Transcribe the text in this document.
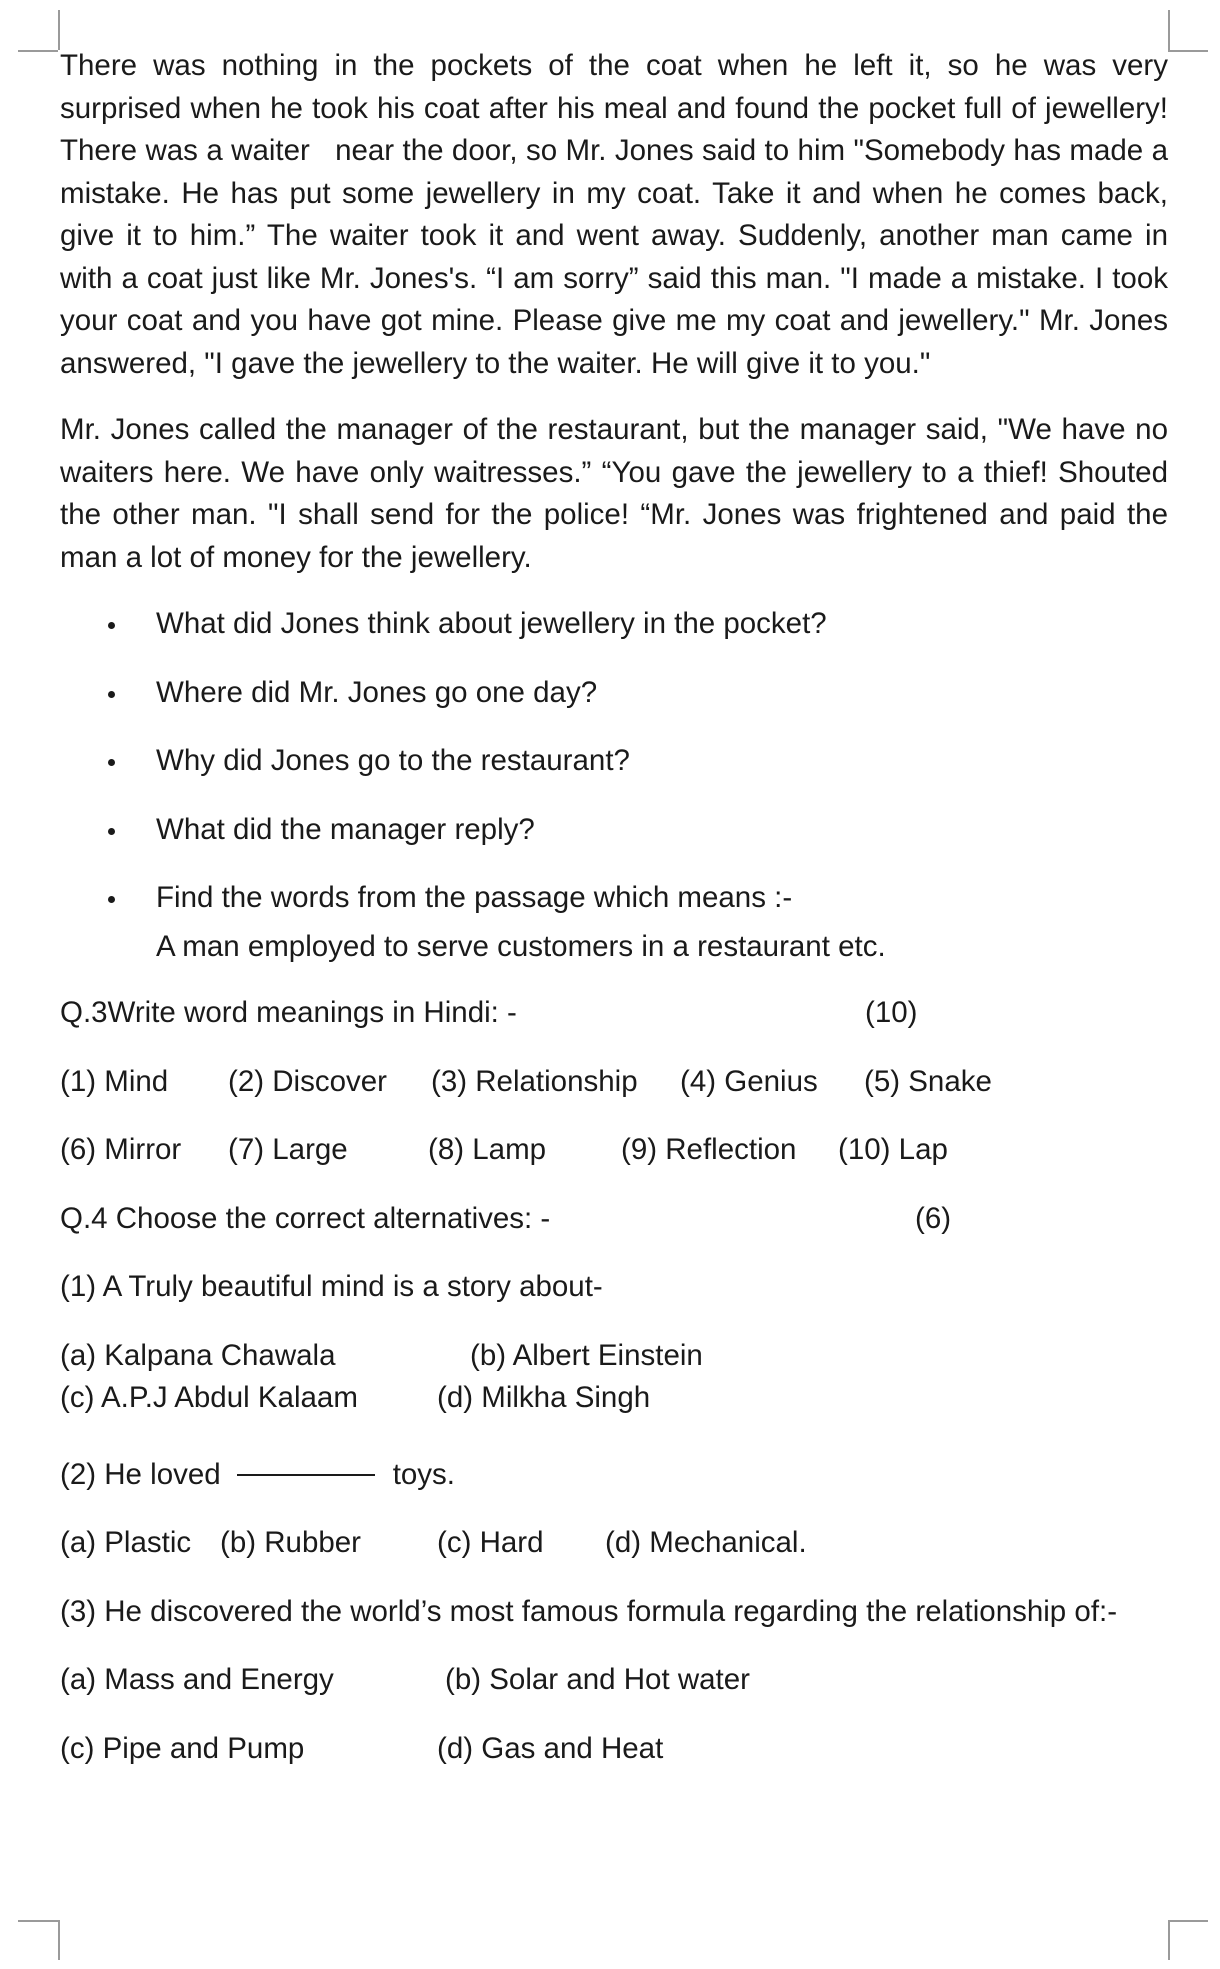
There was nothing in the pockets of the coat when he left it, so he was very surprised when he took his coat after his meal and found the pocket full of jewellery! There was a waiter   near the door, so Mr. Jones said to him "Somebody has made a mistake. He has put some jewellery in my coat. Take it and when he comes back, give it to him.” The waiter took it and went away. Suddenly, another man came in with a coat just like Mr. Jones's. “I am sorry” said this man. "I made a mistake. I took your coat and you have got mine. Please give me my coat and jewellery." Mr. Jones answered, "I gave the jewellery to the waiter. He will give it to you."

Mr. Jones called the manager of the restaurant, but the manager said, "We have no waiters here. We have only waitresses.” “You gave the jewellery to a thief! Shouted the other man. "I shall send for the police! “Mr. Jones was frightened and paid the man a lot of money for the jewellery.

What did Jones think about jewellery in the pocket?
Where did Mr. Jones go one day?
Why did Jones go to the restaurant?
What did the manager reply?
Find the words from the passage which means :-
A man employed to serve customers in a restaurant etc.
Q.3Write word meanings in Hindi: -	(10)
(1) Mind	(2) Discover	(3) Relationship	(4) Genius	(5) Snake
(6) Mirror	(7) Large	(8) Lamp	(9) Reflection	(10) Lap
Q.4 Choose the correct alternatives: -	(6)
(1) A Truly beautiful mind is a story about-
(a) Kalpana Chawala	(b) Albert Einstein
(c) A.P.J Abdul Kalaam	(d) Milkha Singh
(2) He loved	toys.
(a) Plastic (b) Rubber	(c) Hard	(d) Mechanical.
(3) He discovered the world’s most famous formula regarding the relationship of:-
(a) Mass and Energy	(b) Solar and Hot water
(c) Pipe and Pump	(d) Gas and Heat
